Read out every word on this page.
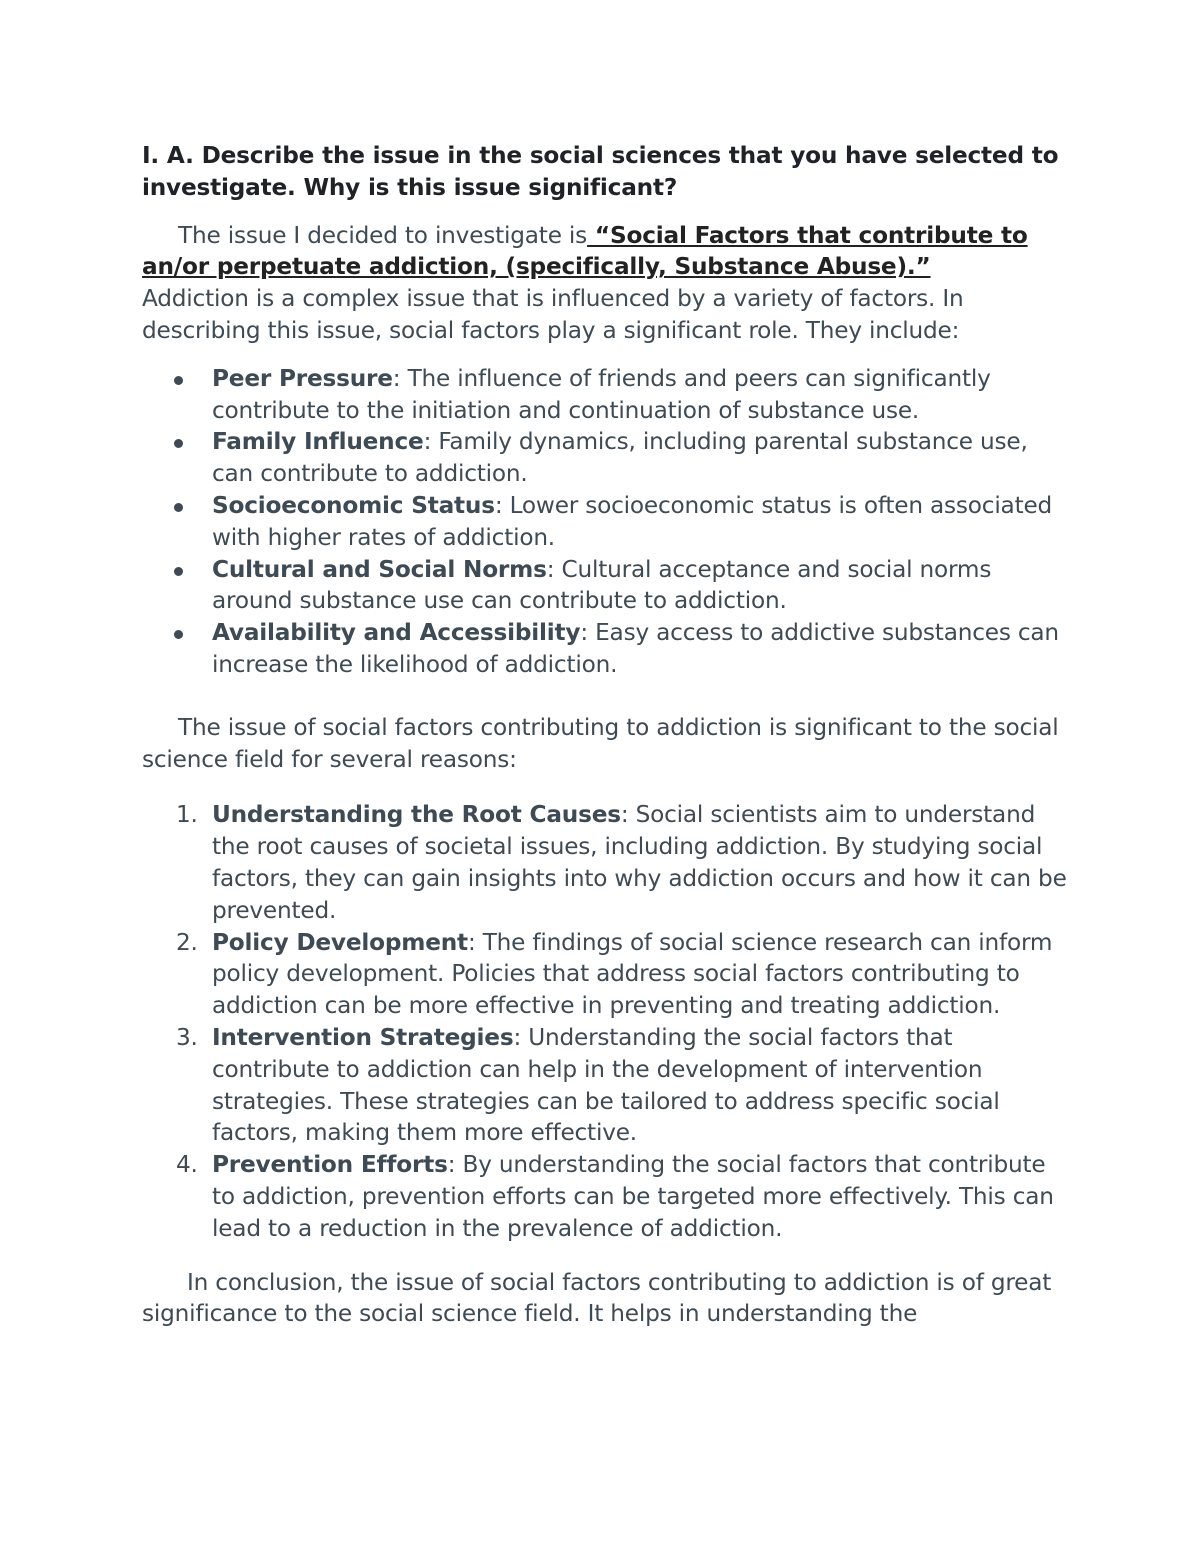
I. A. Describe the issue in the social sciences that you have selected to investigate. Why is this issue significant?

The issue I decided to investigate is “Social Factors that contribute to an/or perpetuate addiction, (specifically, Substance Abuse).”

Addiction is a complex issue that is influenced by a variety of factors. In describing this issue, social factors play a significant role. They include:

Peer Pressure: The influence of friends and peers can significantly contribute to the initiation and continuation of substance use.
Family Influence: Family dynamics, including parental substance use, can contribute to addiction.
Socioeconomic Status: Lower socioeconomic status is often associated with higher rates of addiction.
Cultural and Social Norms: Cultural acceptance and social norms around substance use can contribute to addiction.
Availability and Accessibility: Easy access to addictive substances can increase the likelihood of addiction.

The issue of social factors contributing to addiction is significant to the social science field for several reasons:

1. Understanding the Root Causes: Social scientists aim to understand the root causes of societal issues, including addiction. By studying social factors, they can gain insights into why addiction occurs and how it can be prevented.
2. Policy Development: The findings of social science research can inform policy development. Policies that address social factors contributing to addiction can be more effective in preventing and treating addiction.
3. Intervention Strategies: Understanding the social factors that contribute to addiction can help in the development of intervention strategies. These strategies can be tailored to address specific social factors, making them more effective.
4. Prevention Efforts: By understanding the social factors that contribute to addiction, prevention efforts can be targeted more effectively. This can lead to a reduction in the prevalence of addiction.

In conclusion, the issue of social factors contributing to addiction is of great significance to the social science field. It helps in understanding the
